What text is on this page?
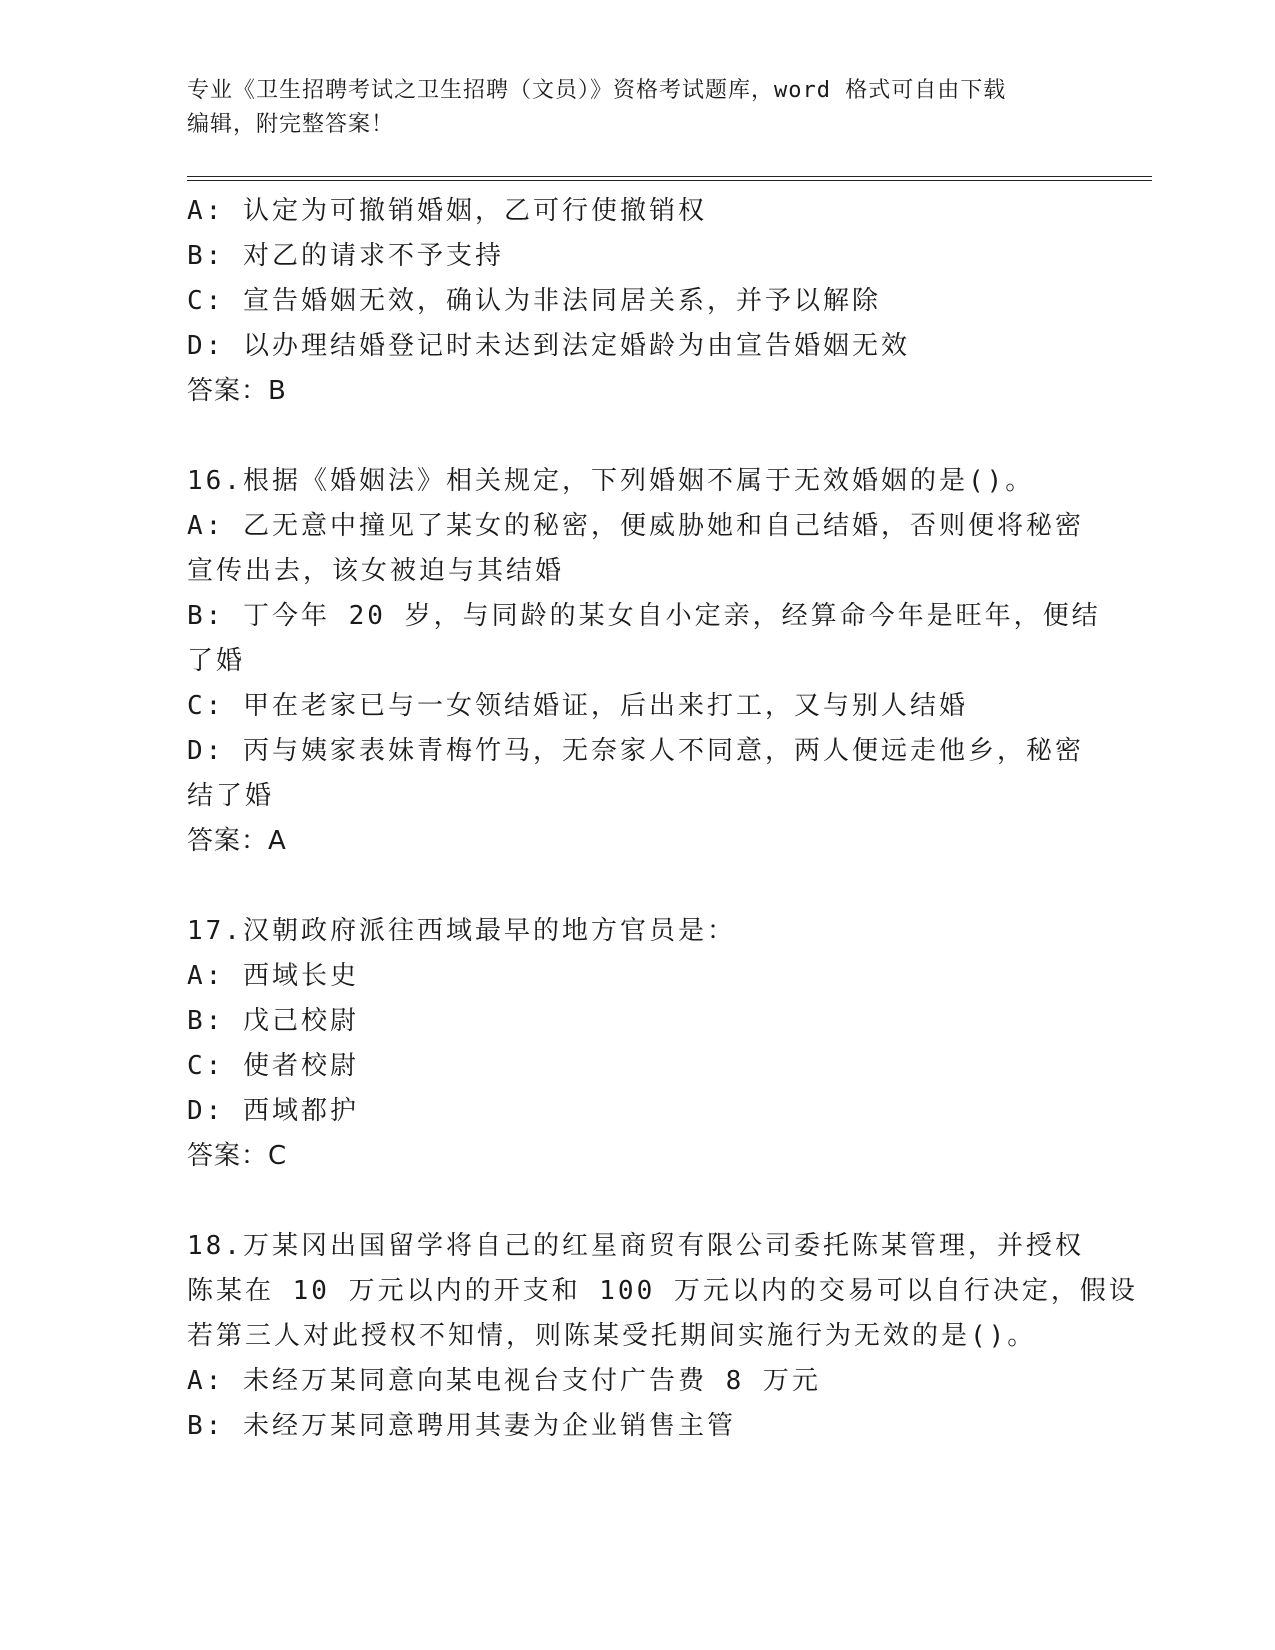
专业《卫生招聘考试之卫生招聘（文员）》资格考试题库，word 格式可自由下载
编辑，附完整答案！
A: 认定为可撤销婚姻，乙可行使撤销权
B: 对乙的请求不予支持
C: 宣告婚姻无效，确认为非法同居关系，并予以解除
D: 以办理结婚登记时未达到法定婚龄为由宣告婚姻无效
答案：B
16.根据《婚姻法》相关规定，下列婚姻不属于无效婚姻的是()。
A: 乙无意中撞见了某女的秘密，便威胁她和自己结婚，否则便将秘密
宣传出去，该女被迫与其结婚
B: 丁今年 20 岁，与同龄的某女自小定亲，经算命今年是旺年，便结
了婚
C: 甲在老家已与一女领结婚证，后出来打工，又与别人结婚
D: 丙与姨家表妹青梅竹马，无奈家人不同意，两人便远走他乡，秘密
结了婚
答案：A
17.汉朝政府派往西域最早的地方官员是：
A: 西域长史
B: 戊己校尉
C: 使者校尉
D: 西域都护
答案：C
18.万某冈出国留学将自己的红星商贸有限公司委托陈某管理，并授权
陈某在 10 万元以内的开支和 100 万元以内的交易可以自行决定，假设
若第三人对此授权不知情，则陈某受托期间实施行为无效的是()。
A: 未经万某同意向某电视台支付广告费 8 万元
B: 未经万某同意聘用其妻为企业销售主管
